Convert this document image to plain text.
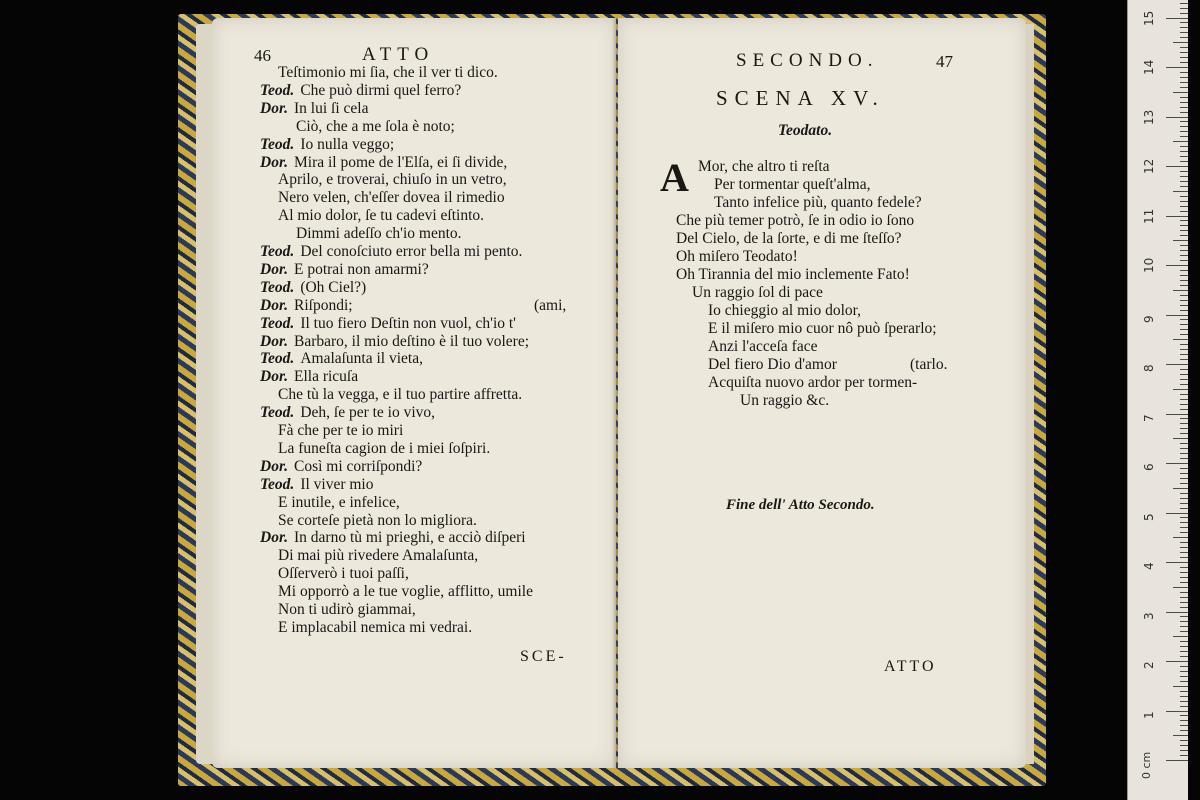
46	ATTO
Teſtimonio mi ſia, che il ver ti dico.
Teod. Che può dirmi quel ferro?
Dor. In lui ſi cela
Ciò, che a me ſola è noto;
Teod. Io nulla veggo;
Dor. Mira il pome de l'Elſa, ei ſi divide,
Aprilo, e troverai, chiuſo in un vetro,
Nero velen, ch'eſſer dovea il rimedio
Al mio dolor, ſe tu cadevi eſtinto.
Dimmi adeſſo ch'io mento.
Teod. Del conoſciuto error bella mi pento.
Dor. E potrai non amarmi?
Teod. (Oh Ciel?)
Dor. Riſpondi;	(ami,
Teod. Il tuo fiero Deſtin non vuol, ch'io t'
Dor. Barbaro, il mio deſtino è il tuo volere;
Teod. Amalaſunta il vieta,
Dor. Ella ricuſa
Che tù la vegga, e il tuo partire affretta.
Teod. Deh, ſe per te io vivo,
Fà che per te io miri
La funeſta cagion de i miei ſoſpiri.
Dor. Così mi corriſpondi?
Teod. Il viver mio
E inutile, e infelice,
Se corteſe pietà non lo migliora.
Dor. In darno tù mi prieghi, e acciò diſperi
Di mai più rivedere Amalaſunta,
Oſſerverò i tuoi paſſi,
Mi opporrò a le tue voglie, afflitto, umile
Non ti udirò giammai,
E implacabil nemica mi vedrai.
SCE-
SECONDO.	47
SCENA XV.
Teodato.
A Mor, che altro ti reſta
Per tormentar queſt'alma,
Tanto infelice più, quanto fedele?
Che più temer potrò, ſe in odio io ſono
Del Cielo, de la ſorte, e di me ſteſſo?
Oh miſero Teodato!
Oh Tirannia del mio inclemente Fato!
Un raggio ſol di pace
Io chieggio al mio dolor,
E il miſero mio cuor nô può ſperarlo;
Anzi l'acceſa face
Del fiero Dio d'amor	(tarlo.
Acquiſta nuovo ardor per tormen-
Un raggio &c.
Fine dell' Atto Secondo.
ATTO
0 cm
1
2
3
4
5
6
7
8
9
10
11
12
13
14
15
